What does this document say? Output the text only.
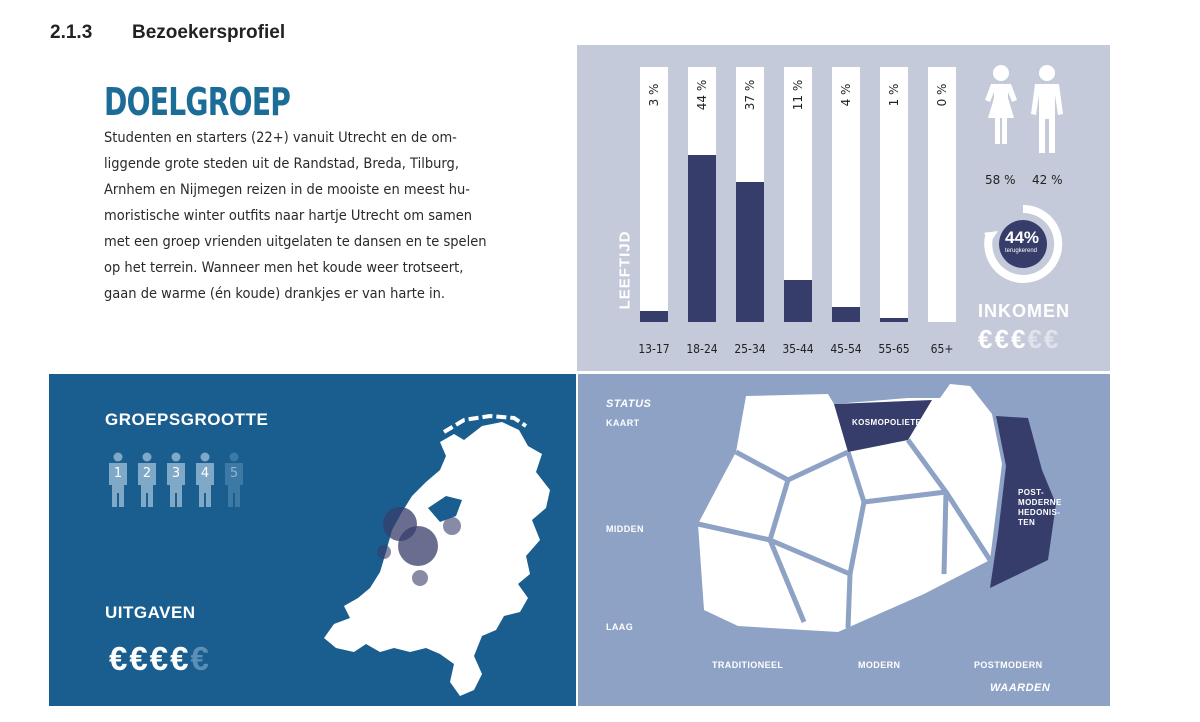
2.1.3 Bezoekersprofiel
DOELGROEP
Studenten en starters (22+) vanuit Utrecht en de om-
liggende grote steden uit de Randstad, Breda, Tilburg,
Arnhem en Nijmegen reizen in de mooiste en meest hu-
moristische winter outfits naar hartje Utrecht om samen
met een groep vrienden uitgelaten te dansen en te spelen
op het terrein. Wanneer men het koude weer trotseert,
gaan de warme (én koude) drankjes er van harte in.
3 %
13-17
44 %
18-24
37 %
25-34
11 %
35-44
4 %
45-54
1 %
55-65
0 %
65+
LEEFTIJD
58 % 42 %
44%
terugkerend
INKOMEN
€€€€€
GROEPSGROOTTE
1	2	3	4	5
UITGAVEN
€€€€€
STATUS
KAART
MIDDEN
LAAG
KOSMOPOLIETEN
POST-
MODERNE
HEDONIS-
TEN
TRADITIONEEL	MODERN	POSTMODERN
WAARDEN
